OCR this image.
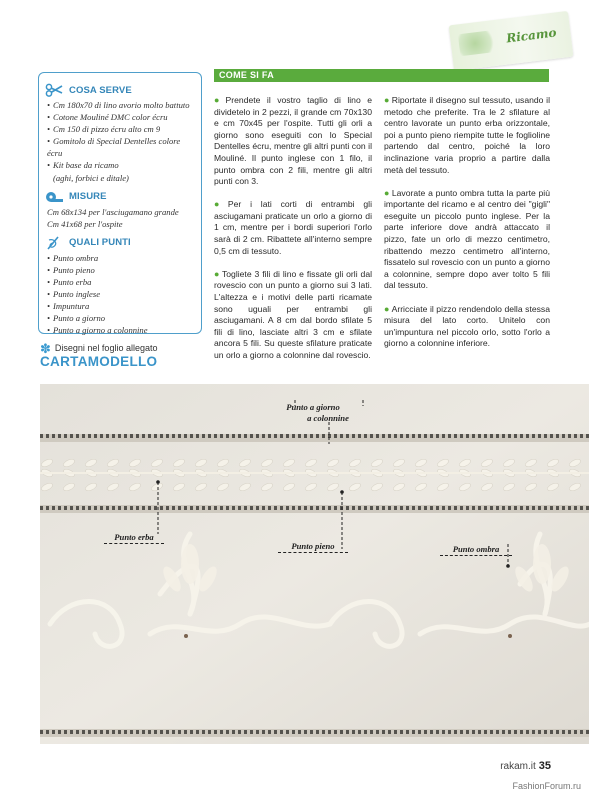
Ricamo
COSA SERVE
• Cm 180x70 di lino avorio molto battuto
• Cotone Mouliné DMC color écru
• Cm 150 di pizzo écru alto cm 9
• Gomitolo di Special Dentelles colore écru
• Kit base da ricamo
(aghi, forbici e ditale)
MISURE
Cm 68x134 per l'asciugamano grande
Cm 41x68 per l'ospite
QUALI PUNTI
• Punto ombra
• Punto pieno
• Punto erba
• Punto inglese
• Impuntura
• Punto a giorno
• Punto a giorno a colonnine
✽ Disegni nel foglio allegato
CARTAMODELLO
COME SI FA

● Prendete il vostro taglio di lino e dividetelo in 2 pezzi, il grande cm 70x130 e cm 70x45 per l'ospite. Tutti gli orli a giorno sono eseguiti con lo Special Dentelles écru, mentre gli altri punti con il Mouliné. Il punto inglese con 1 filo, il punto ombra con 2 fili, mentre gli altri punti con 3.

● Per i lati corti di entrambi gli asciugamani praticate un orlo a giorno di 1 cm, mentre per i bordi superiori l'orlo sarà di 2 cm. Ribattete all'interno sempre 0,5 cm di tessuto.

● Togliete 3 fili di lino e fissate gli orli dal rovescio con un punto a giorno sui 3 lati. L'altezza e i motivi delle parti ricamate sono uguali per entrambi gli asciugamani. A 8 cm dal bordo sfilate 5 fili di lino, lasciate altri 3 cm e sfilate ancora 5 fili. Su queste sfilature praticate un orlo a giorno a colonnine dal rovescio.

● Riportate il disegno sul tessuto, usando il metodo che preferite. Tra le 2 sfilature al centro lavorate un punto erba orizzontale, poi a punto pieno riempite tutte le foglioline partendo dal centro, poiché la loro inclinazione varia proprio a partire dalla metà del tessuto.

● Lavorate a punto ombra tutta la parte più importante del ricamo e al centro dei "gigli" eseguite un piccolo punto inglese. Per la parte inferiore dove andrà attaccato il pizzo, fate un orlo di mezzo centimetro, ribattendo mezzo centimetro all'interno, fissatelo sul rovescio con un punto a giorno a colonnine, sempre dopo aver tolto 5 fili dal tessuto.

● Arricciate il pizzo rendendolo della stessa misura del lato corto. Unitelo con un'impuntura nel piccolo orlo, sotto l'orlo a giorno a colonnine inferiore.

Punto a giorno
a colonnine
Punto erba
Punto pieno	Punto ombra
rakam.it 35
FashionForum.ru
